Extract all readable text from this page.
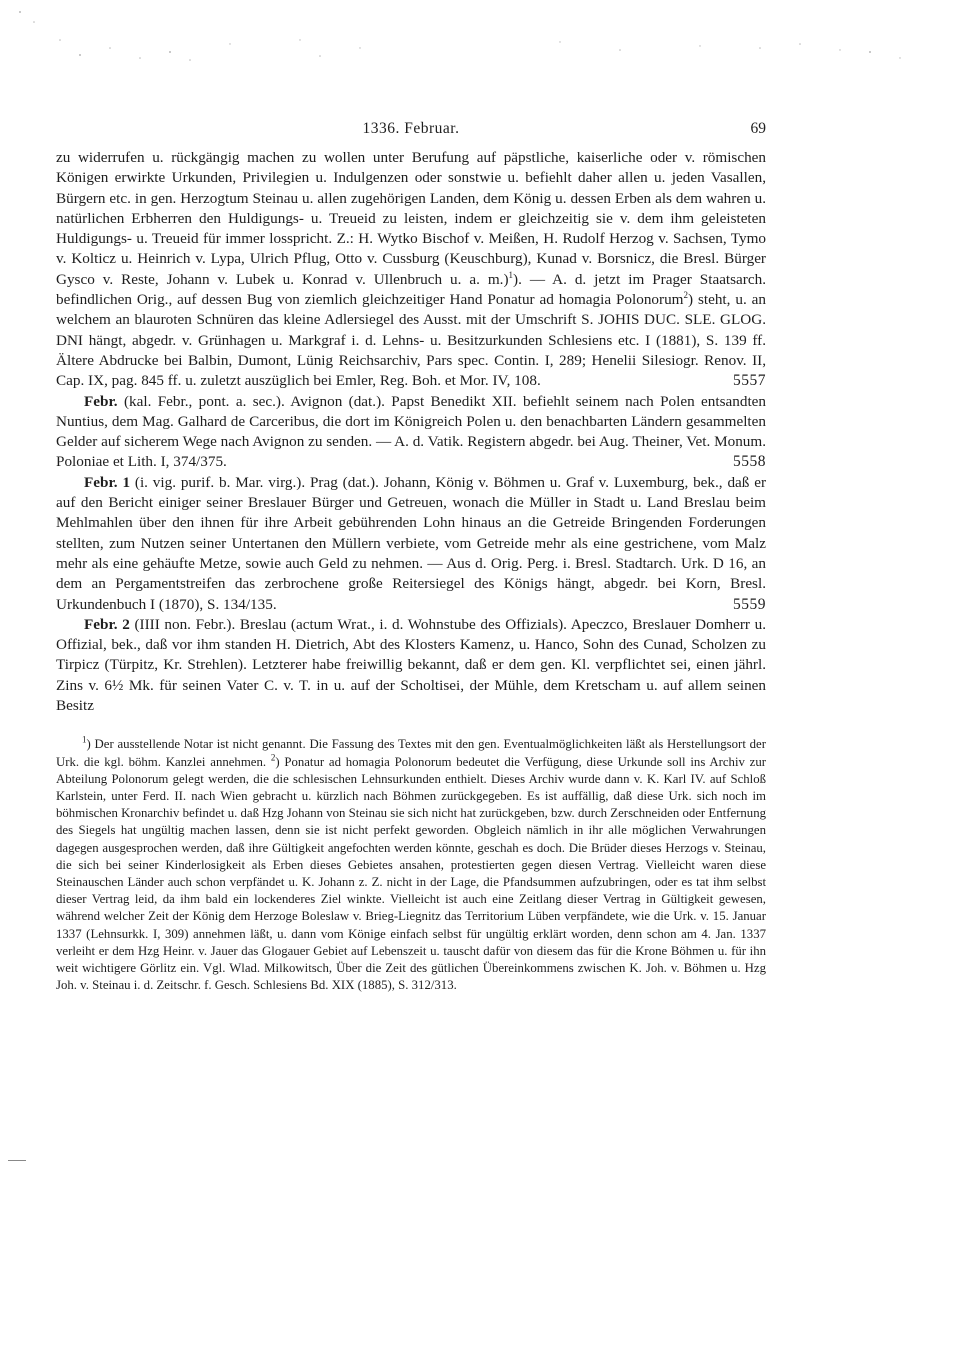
1336. Februar.	69

zu widerrufen u. rückgängig machen zu wollen unter Berufung auf päpstliche, kaiserliche oder v. römischen Königen erwirkte Urkunden, Privilegien u. Indulgenzen oder sonstwie u. befiehlt daher allen u. jeden Vasallen, Bürgern etc. in gen. Herzogtum Steinau u. allen zugehörigen Landen, dem König u. dessen Erben als dem wahren u. natürlichen Erbherren den Huldigungs- u. Treueid zu leisten, indem er gleichzeitig sie v. dem ihm geleisteten Huldigungs- u. Treueid für immer losspricht. Z.: H. Wytko Bischof v. Meißen, H. Rudolf Herzog v. Sachsen, Tymo v. Kolticz u. Heinrich v. Lypa, Ulrich Pflug, Otto v. Cussburg (Keuschburg), Kunad v. Borsnicz, die Bresl. Bürger Gysco v. Reste, Johann v. Lubek u. Konrad v. Ullenbruch u. a. m.)$^1$). — A. d. jetzt im Prager Staatsarch. befindlichen Orig., auf dessen Bug von ziemlich gleichzeitiger Hand Ponatur ad homagia Polonorum$^2$) steht, u. an welchem an blauroten Schnüren das kleine Adlersiegel des Ausst. mit der Umschrift S. JOHIS DUC. SLE. GLOG. DNI hängt, abgedr. v. Grünhagen u. Markgraf i. d. Lehns- u. Besitzurkunden Schlesiens etc. I (1881), S. 139 ff. Ältere Abdrucke bei Balbin, Dumont, Lünig Reichsarchiv, Pars spec. Contin. I, 289; Henelii Silesiogr. Renov. II, Cap. IX, pag. 845 ff. u. zuletzt auszüglich bei Emler, Reg. Boh. et Mor. IV, 108.	5557

Febr. (kal. Febr., pont. a. sec.). Avignon (dat.). Papst Benedikt XII. befiehlt seinem nach Polen entsandten Nuntius, dem Mag. Galhard de Carceribus, die dort im Königreich Polen u. den benachbarten Ländern gesammelten Gelder auf sicherem Wege nach Avignon zu senden. — A. d. Vatik. Registern abgedr. bei Aug. Theiner, Vet. Monum. Poloniae et Lith. I, 374/375.	5558

Febr. 1 (i. vig. purif. b. Mar. virg.). Prag (dat.). Johann, König v. Böhmen u. Graf v. Luxemburg, bek., daß er auf den Bericht einiger seiner Breslauer Bürger und Getreuen, wonach die Müller in Stadt u. Land Breslau beim Mehlmahlen über den ihnen für ihre Arbeit gebührenden Lohn hinaus an die Getreide Bringenden Forderungen stellten, zum Nutzen seiner Untertanen den Müllern verbiete, vom Getreide mehr als eine gestrichene, vom Malz mehr als eine gehäufte Metze, sowie auch Geld zu nehmen. — Aus d. Orig. Perg. i. Bresl. Stadtarch. Urk. D 16, an dem an Pergamentstreifen das zerbrochene große Reitersiegel des Königs hängt, abgedr. bei Korn, Bresl. Urkundenbuch I (1870), S. 134/135.	5559

Febr. 2 (IIII non. Febr.). Breslau (actum Wrat., i. d. Wohnstube des Offizials). Apeczco, Breslauer Domherr u. Offizial, bek., daß vor ihm standen H. Dietrich, Abt des Klosters Kamenz, u. Hanco, Sohn des Cunad, Scholzen zu Tirpicz (Türpitz, Kr. Strehlen). Letzterer habe freiwillig bekannt, daß er dem gen. Kl. verpflichtet sei, einen jährl. Zins v. 6½ Mk. für seinen Vater C. v. T. in u. auf der Scholtisei, der Mühle, dem Kretscham u. auf allem seinen Besitz

$^1$) Der ausstellende Notar ist nicht genannt. Die Fassung des Textes mit den gen. Eventualmöglichkeiten läßt als Herstellungsort der Urk. die kgl. böhm. Kanzlei annehmen. $^2$) Ponatur ad homagia Polonorum bedeutet die Verfügung, diese Urkunde soll ins Archiv zur Abteilung Polonorum gelegt werden, die die schlesischen Lehnsurkunden enthielt. Dieses Archiv wurde dann v. K. Karl IV. auf Schloß Karlstein, unter Ferd. II. nach Wien gebracht u. kürzlich nach Böhmen zurückgegeben. Es ist auffällig, daß diese Urk. sich noch im böhmischen Kronarchiv befindet u. daß Hzg Johann von Steinau sie sich nicht hat zurückgeben, bzw. durch Zerschneiden oder Entfernung des Siegels hat ungültig machen lassen, denn sie ist nicht perfekt geworden. Obgleich nämlich in ihr alle möglichen Verwahrungen dagegen ausgesprochen werden, daß ihre Gültigkeit angefochten werden könnte, geschah es doch. Die Brüder dieses Herzogs v. Steinau, die sich bei seiner Kinderlosigkeit als Erben dieses Gebietes ansahen, protestierten gegen diesen Vertrag. Vielleicht waren diese Steinauschen Länder auch schon verpfändet u. K. Johann z. Z. nicht in der Lage, die Pfandsummen aufzubringen, oder es tat ihm selbst dieser Vertrag leid, da ihm bald ein lockenderes Ziel winkte. Vielleicht ist auch eine Zeitlang dieser Vertrag in Gültigkeit gewesen, während welcher Zeit der König dem Herzoge Boleslaw v. Brieg-Liegnitz das Territorium Lüben verpfändete, wie die Urk. v. 15. Januar 1337 (Lehnsurkk. I, 309) annehmen läßt, u. dann vom Könige einfach selbst für ungültig erklärt worden, denn schon am 4. Jan. 1337 verleiht er dem Hzg Heinr. v. Jauer das Glogauer Gebiet auf Lebenszeit u. tauscht dafür von diesem das für die Krone Böhmen u. für ihn weit wichtigere Görlitz ein. Vgl. Wlad. Milkowitsch, Über die Zeit des gütlichen Übereinkommens zwischen K. Joh. v. Böhmen u. Hzg Joh. v. Steinau i. d. Zeitschr. f. Gesch. Schlesiens Bd. XIX (1885), S. 312/313.
